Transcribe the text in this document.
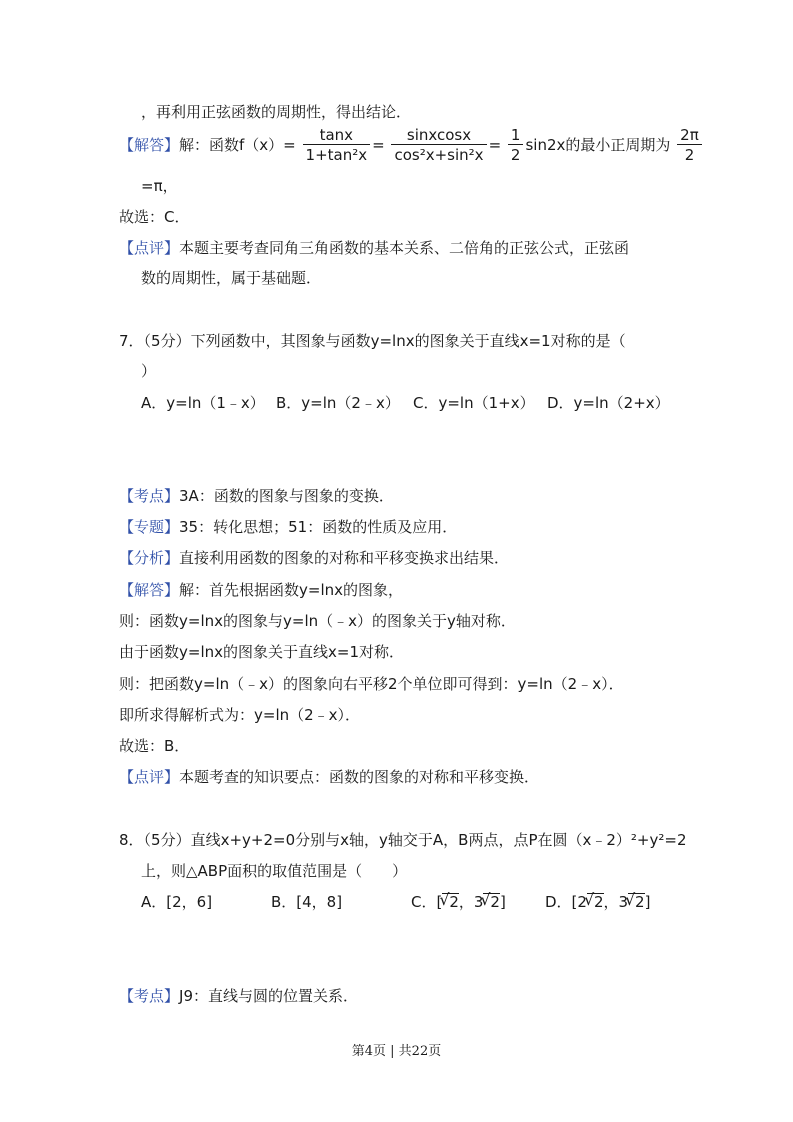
，再利用正弦函数的周期性，得出结论．
【解答】解：函数$f(x)= \frac{\tan x}{\text{1+tan²x}} = \frac{\text{sinxcosx}}{\text{cos²x+sin²x}} = \frac{1}{2} \sin 2x$的最小正周期为 $\frac{2\pi}{2}$
=π，
故选：C．
【点评】本题主要考查同角三角函数的基本关系、二倍角的正弦公式，正弦函
数的周期性，属于基础题．
7．（5分）下列函数中，其图象与函数y=lnx的图象关于直线x=1对称的是（
）
A．y=ln（1﹣x） B．y=ln（2﹣x） C．y=ln（1+x） D．y=ln（2+x）
【考点】3A：函数的图象与图象的变换．
【专题】35：转化思想；51：函数的性质及应用．
【分析】直接利用函数的图象的对称和平移变换求出结果．
【解答】解：首先根据函数y=lnx的图象，
则：函数y=lnx的图象与y=ln（﹣x）的图象关于y轴对称．
由于函数y=lnx的图象关于直线x=1对称．
则：把函数y=ln（﹣x）的图象向右平移2个单位即可得到：y=ln（2﹣x）．
即所求得解析式为：y=ln（2﹣x）．
故选：B．
【点评】本题考查的知识要点：函数的图象的对称和平移变换．
8．（5分）直线x+y+2=0分别与x轴，y轴交于A，B两点，点P在圆（x﹣2）²+y²=2
上，则△ABP面积的取值范围是（　　）
A．[2，6]	B．[4，8]	C．[ √ 2，3 √ 2]	D．[2 √ 2，3 √ 2]
【考点】J9：直线与圆的位置关系．
第4页 | 共22页
